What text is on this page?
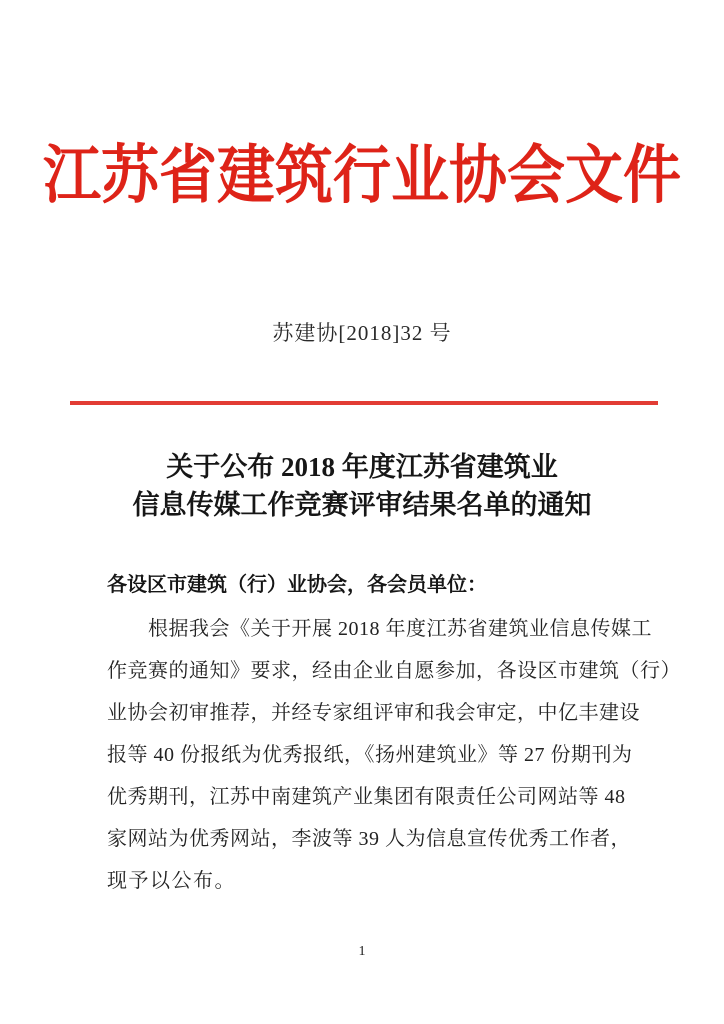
江苏省建筑行业协会文件
苏建协[2018]32 号
关于公布 2018 年度江苏省建筑业
信息传媒工作竞赛评审结果名单的通知
各设区市建筑（行）业协会，各会员单位：
根据我会《关于开展 2018 年度江苏省建筑业信息传媒工
作竞赛的通知》要求，经由企业自愿参加，各设区市建筑（行）
业协会初审推荐，并经专家组评审和我会审定，中亿丰建设
报等 40 份报纸为优秀报纸，《扬州建筑业》等 27 份期刊为
优秀期刊，江苏中南建筑产业集团有限责任公司网站等 48
家网站为优秀网站，李波等 39 人为信息宣传优秀工作者，
现予以公布。
1
